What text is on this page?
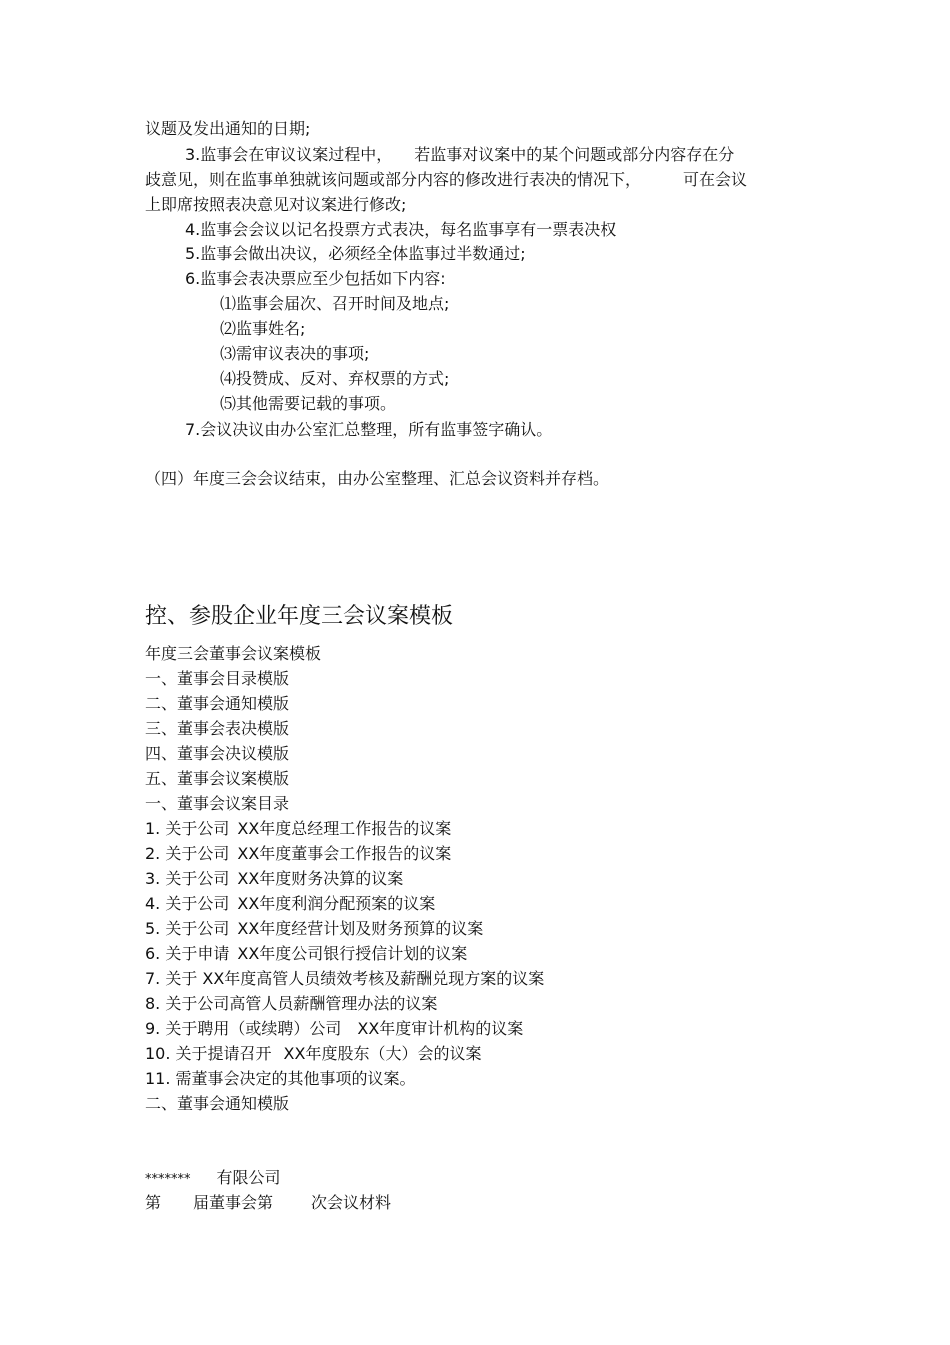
议题及发出通知的日期;
3.监事会在审议议案过程中， 若监事对议案中的某个问题或部分内容存在分
歧意见，则在监事单独就该问题或部分内容的修改进行表决的情况下，	可在会议
上即席按照表决意见对议案进行修改;
4.监事会会议以记名投票方式表决，每名监事享有一票表决权
5.监事会做出决议，必须经全体监事过半数通过;
6.监事会表决票应至少包括如下内容:
⑴监事会届次、召开时间及地点;
⑵监事姓名;
⑶需审议表决的事项;
⑷投赞成、反对、弃权票的方式;
⑸其他需要记载的事项。
7.会议决议由办公室汇总整理，所有监事签字确认。
（四）年度三会会议结束，由办公室整理、汇总会议资料并存档。
控、参股企业年度三会议案模板
年度三会董事会议案模板
一、董事会目录模版
二、董事会通知模版
三、董事会表决模版
四、董事会决议模版
五、董事会议案模版
一、董事会议案目录
1. 关于公司 XX年度总经理工作报告的议案
2. 关于公司 XX年度董事会工作报告的议案
3. 关于公司 XX年度财务决算的议案
4. 关于公司 XX年度利润分配预案的议案
5. 关于公司 XX年度经营计划及财务预算的议案
6. 关于申请 XX年度公司银行授信计划的议案
7. 关于 XX年度高管人员绩效考核及薪酬兑现方案的议案
8. 关于公司高管人员薪酬管理办法的议案
9. 关于聘用（或续聘）公司 XX年度审计机构的议案
10. 关于提请召开 XX年度股东（大）会的议案
11. 需董事会决定的其他事项的议案。
二、董事会通知模版
******* 有限公司
第 届董事会第 次会议材料
